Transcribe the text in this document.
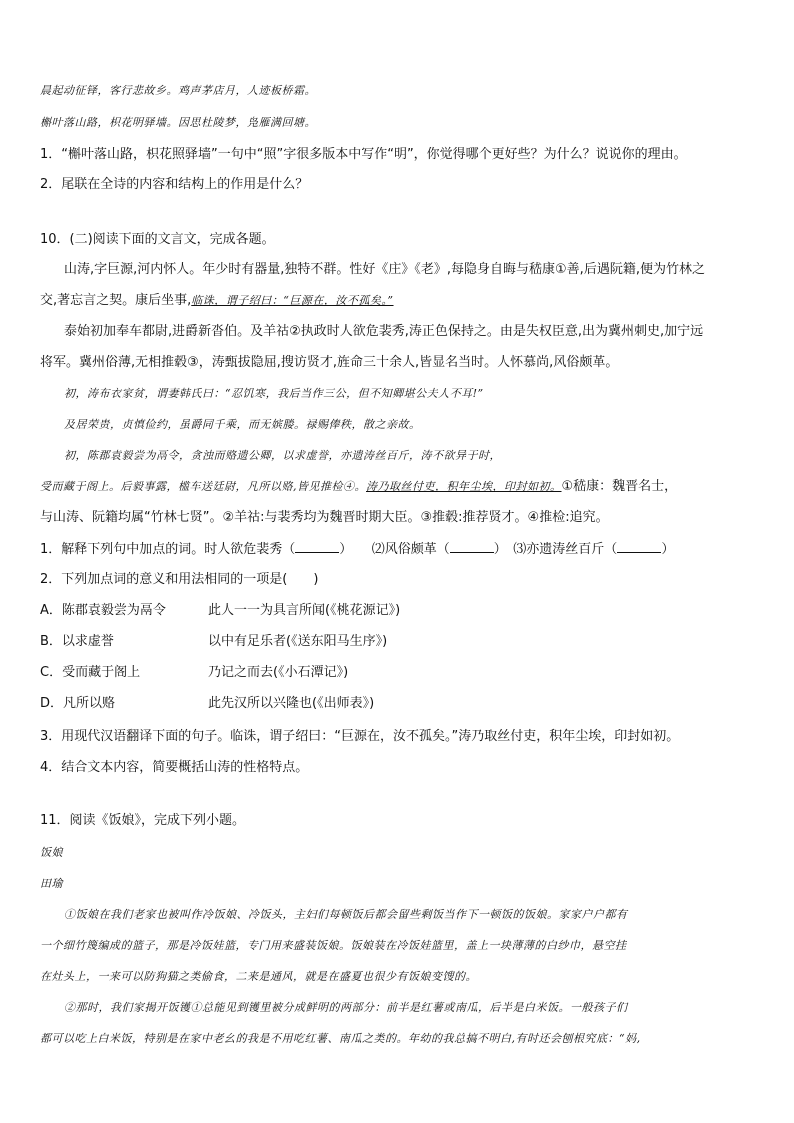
晨起动征铎，客行悲故乡。鸡声茅店月，人迹板桥霜。
槲叶落山路，枳花明驿墙。因思杜陵梦，凫雁满回塘。
1．“槲叶落山路，枳花照驿墙”一句中“照”字很多版本中写作“明”，你觉得哪个更好些？为什么？说说你的理由。
2．尾联在全诗的内容和结构上的作用是什么？
10．(二)阅读下面的文言文，完成各题。
山涛,字巨源,河内怀人。年少时有器量,独特不群。性好《庄》《老》,每隐身自晦与嵇康①善,后遇阮籍,便为竹林之
交,著忘言之契。康后坐事,临诛，谓子绍曰：“巨源在，汝不孤矣。”
泰始初加奉车都尉,进爵新沓伯。及羊祜②执政时人欲危裴秀,涛正色保持之。由是失权臣意,出为冀州刺史,加宁远
将军。冀州俗薄,无相推毂③，涛甄拔隐屈,搜访贤才,旌命三十余人,皆显名当时。人怀慕尚,风俗颇革。
初，涛布衣家贫，谓妻韩氏曰：“忍饥寒，我后当作三公，但不知卿堪公夫人不耳!”
及居荣贵，贞慎俭约，虽爵同千乘，而无嫔媵。禄赐俸秩，散之亲故。
初，陈郡袁毅尝为鬲令，贪浊而赂遗公卿，以求虚誉，亦遗涛丝百斤，涛不欲异于时，
受而藏于阁上。后毅事露，槛车送廷尉，凡所以赂,皆见推检④。涛乃取丝付吏，积年尘埃，印封如初。①嵇康：魏晋名士，
与山涛、阮籍均属“竹林七贤”。②羊祜:与裴秀均为魏晋时期大臣。③推毂:推荐贤才。④推检:追究。
1．解释下列句中加点的词。时人欲危裴秀（	）　　⑵风俗颇革（	）　⑶亦遗涛丝百斤（	）
2．下列加点词的意义和用法相同的一项是(　　)
A．陈郡袁毅尝为鬲令	此人一一为具言所闻(《桃花源记》)
B．以求虚誉	以中有足乐者(《送东阳马生序》)
C．受而藏于阁上	乃记之而去(《小石潭记》)
D．凡所以赂	此先汉所以兴隆也(《出师表》)
3．用现代汉语翻译下面的句子。临诛，谓子绍曰：“巨源在，汝不孤矣。”涛乃取丝付吏，积年尘埃，印封如初。
4．结合文本内容，简要概括山涛的性格特点。
11．阅读《饭娘》，完成下列小题。
饭娘
田瑜
①饭娘在我们老家也被叫作冷饭娘、冷饭头，主妇们每顿饭后都会留些剩饭当作下一顿饭的饭娘。家家户户都有
一个细竹篾编成的篮子，那是冷饭娃篮，专门用来盛装饭娘。饭娘装在冷饭娃篮里，盖上一块薄薄的白纱巾，悬空挂
在灶头上，一来可以防狗猫之类偷食，二来是通风，就是在盛夏也很少有饭娘变馊的。
②那时，我们家揭开饭镬①总能见到镬里被分成鲜明的两部分：前半是红薯或南瓜，后半是白米饭。一般孩子们
都可以吃上白米饭，特别是在家中老幺的我是不用吃红薯、南瓜之类的。年幼的我总搞不明白,有时还会刨根究底：“妈,
